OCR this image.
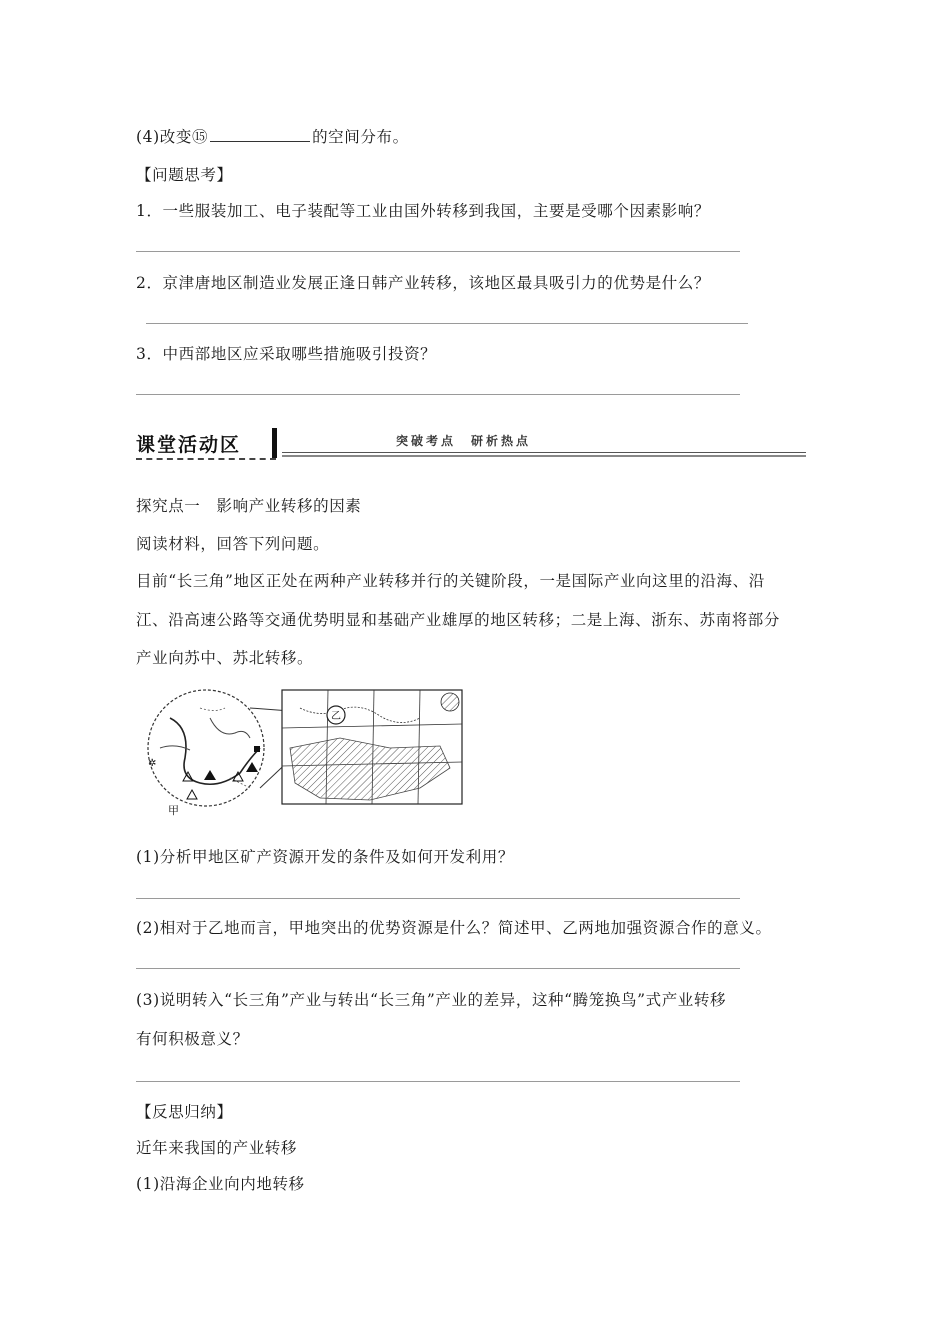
(4)改变⑮	的空间分布。
【问题思考】
1．一些服装加工、电子装配等工业由国外转移到我国，主要是受哪个因素影响？
2．京津唐地区制造业发展正逢日韩产业转移，该地区最具吸引力的优势是什么？
3．中西部地区应采取哪些措施吸引投资？
课堂活动区	突破考点　研析热点
探究点一　影响产业转移的因素
阅读材料，回答下列问题。
目前“长三角”地区正处在两种产业转移并行的关键阶段，一是国际产业向这里的沿海、沿
江、沿高速公路等交通优势明显和基础产业雄厚的地区转移；二是上海、浙东、苏南将部分
产业向苏中、苏北转移。
✲
乙
甲
(1)分析甲地区矿产资源开发的条件及如何开发利用？
(2)相对于乙地而言，甲地突出的优势资源是什么？简述甲、乙两地加强资源合作的意义。
(3)说明转入“长三角”产业与转出“长三角”产业的差异，这种“腾笼换鸟”式产业转移
有何积极意义？
【反思归纳】
近年来我国的产业转移
(1)沿海企业向内地转移
